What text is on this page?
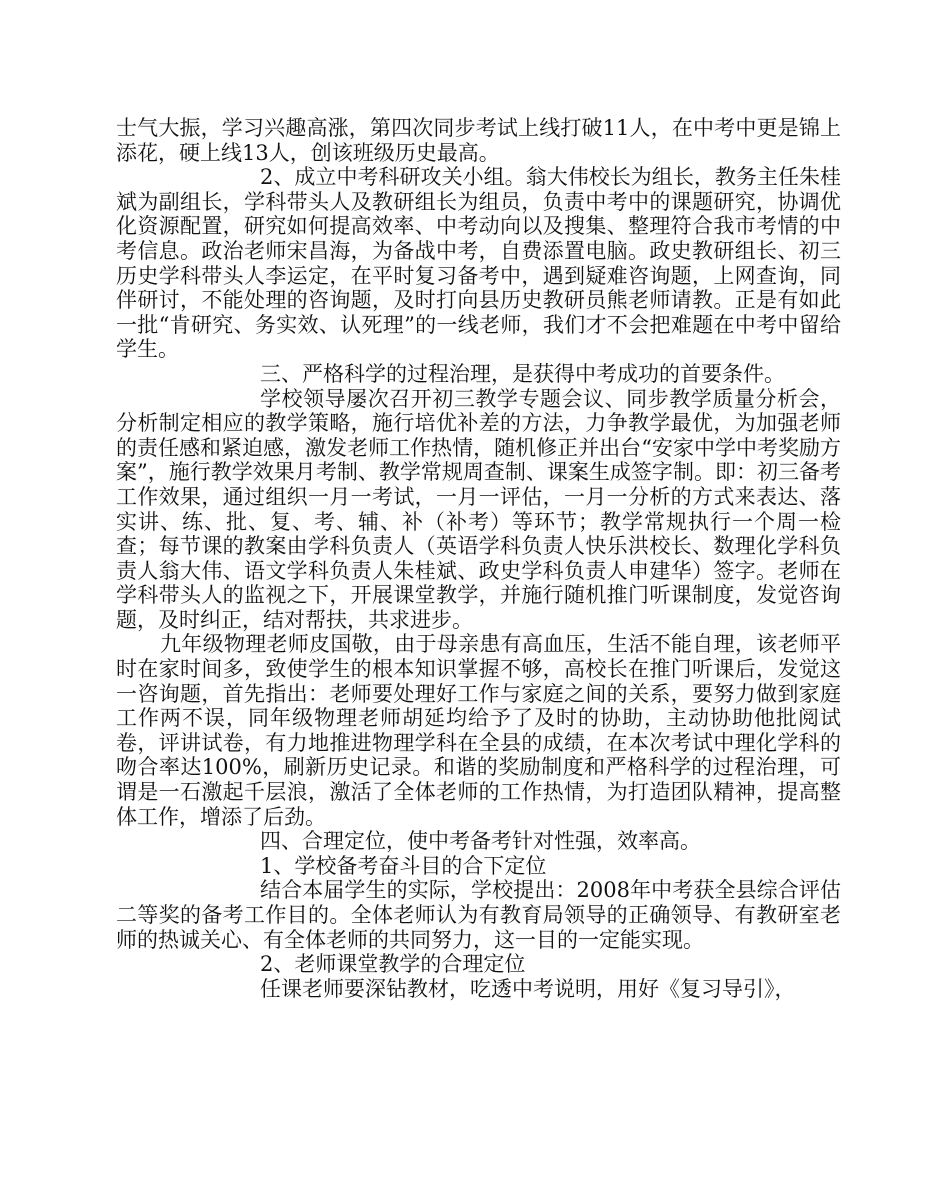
士气大振，学习兴趣高涨，第四次同步考试上线打破11人，在中考中更是锦上添花，硬上线13人，创该班级历史最高。

2、成立中考科研攻关小组。翁大伟校长为组长，教务主任朱桂斌为副组长，学科带头人及教研组长为组员，负责中考中的课题研究，协调优化资源配置，研究如何提高效率、中考动向以及搜集、整理符合我市考情的中考信息。政治老师宋昌海，为备战中考，自费添置电脑。政史教研组长、初三历史学科带头人李运定，在平时复习备考中，遇到疑难咨询题，上网查询，同伴研讨，不能处理的咨询题，及时打向县历史教研员熊老师请教。正是有如此一批“肯研究、务实效、认死理”的一线老师，我们才不会把难题在中考中留给学生。

三、严格科学的过程治理，是获得中考成功的首要条件。

学校领导屡次召开初三教学专题会议、同步教学质量分析会，分析制定相应的教学策略，施行培优补差的方法，力争教学最优，为加强老师的责任感和紧迫感，激发老师工作热情，随机修正并出台“安家中学中考奖励方案”，施行教学效果月考制、教学常规周查制、课案生成签字制。即：初三备考工作效果，通过组织一月一考试，一月一评估，一月一分析的方式来表达、落实讲、练、批、复、考、辅、补（补考）等环节；教学常规执行一个周一检查；每节课的教案由学科负责人（英语学科负责人快乐洪校长、数理化学科负责人翁大伟、语文学科负责人朱桂斌、政史学科负责人申建华）签字。老师在学科带头人的监视之下，开展课堂教学，并施行随机推门听课制度，发觉咨询题，及时纠正，结对帮扶，共求进步。

九年级物理老师皮国敬，由于母亲患有高血压，生活不能自理，该老师平时在家时间多，致使学生的根本知识掌握不够，高校长在推门听课后，发觉这一咨询题，首先指出：老师要处理好工作与家庭之间的关系，要努力做到家庭工作两不误，同年级物理老师胡延均给予了及时的协助，主动协助他批阅试卷，评讲试卷，有力地推进物理学科在全县的成绩，在本次考试中理化学科的吻合率达100%，刷新历史记录。和谐的奖励制度和严格科学的过程治理，可谓是一石激起千层浪，激活了全体老师的工作热情，为打造团队精神，提高整体工作，增添了后劲。

四、合理定位，使中考备考针对性强，效率高。

1、学校备考奋斗目的合下定位

结合本届学生的实际，学校提出：2008年中考获全县综合评估二等奖的备考工作目的。全体老师认为有教育局领导的正确领导、有教研室老师的热诚关心、有全体老师的共同努力，这一目的一定能实现。

2、老师课堂教学的合理定位

任课老师要深钻教材，吃透中考说明，用好《复习导引》，
